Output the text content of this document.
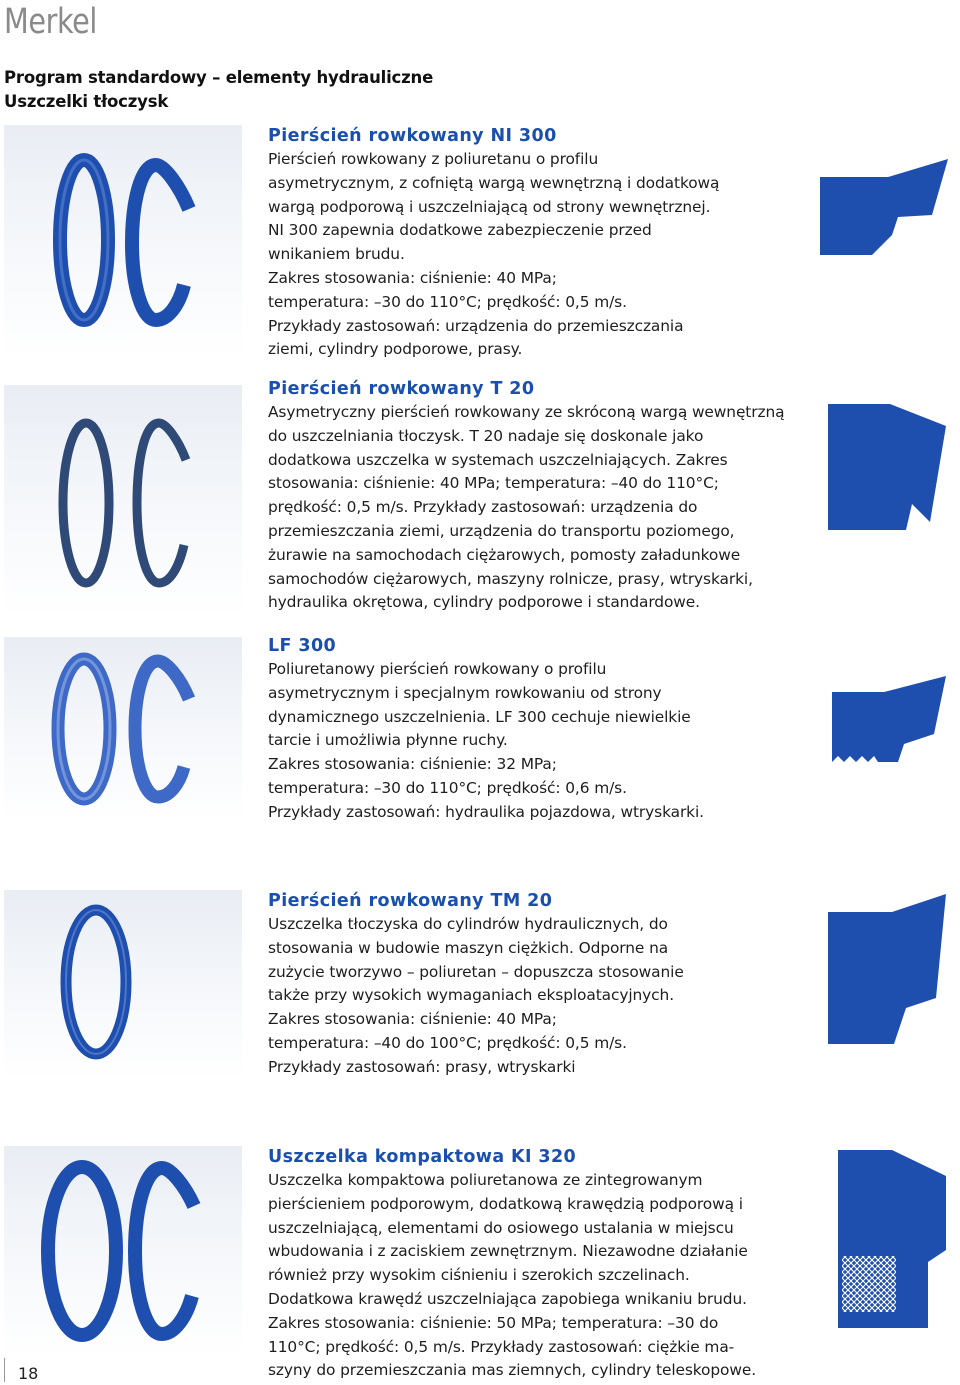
Merkel
Program standardowy – elementy hydrauliczne
Uszczelki tłoczysk
Pierścień rowkowany NI 300

Pierścień rowkowany z poliuretanu o profilu

asymetrycznym, z cofniętą wargą wewnętrzną i dodatkową

wargą podporową i uszczelniającą od strony wewnętrznej.

NI 300 zapewnia dodatkowe zabezpieczenie przed

wnikaniem brudu.

Zakres stosowania: ciśnienie: 40 MPa;

temperatura: –30 do 110°C; prędkość: 0,5 m/s.

Przykłady zastosowań: urządzenia do przemieszczania

ziemi, cylindry podporowe, prasy.

Pierścień rowkowany T 20

Asymetryczny pierścień rowkowany ze skróconą wargą wewnętrzną

do uszczelniania tłoczysk. T 20 nadaje się doskonale jako

dodatkowa uszczelka w systemach uszczelniających. Zakres

stosowania: ciśnienie: 40 MPa; temperatura: –40 do 110°C;

prędkość: 0,5 m/s. Przykłady zastosowań: urządzenia do

przemieszczania ziemi, urządzenia do transportu poziomego,

żurawie na samochodach ciężarowych, pomosty załadunkowe

samochodów ciężarowych, maszyny rolnicze, prasy, wtryskarki,

hydraulika okrętowa, cylindry podporowe i standardowe.

LF 300

Poliuretanowy pierścień rowkowany o profilu

asymetrycznym i specjalnym rowkowaniu od strony

dynamicznego uszczelnienia. LF 300 cechuje niewielkie

tarcie i umożliwia płynne ruchy.

Zakres stosowania: ciśnienie: 32 MPa;

temperatura: –30 do 110°C; prędkość: 0,6 m/s.

Przykłady zastosowań: hydraulika pojazdowa, wtryskarki.

Pierścień rowkowany TM 20

Uszczelka tłoczyska do cylindrów hydraulicznych, do

stosowania w budowie maszyn ciężkich. Odporne na

zużycie tworzywo – poliuretan – dopuszcza stosowanie

także przy wysokich wymaganiach eksploatacyjnych.

Zakres stosowania: ciśnienie: 40 MPa;

temperatura: –40 do 100°C; prędkość: 0,5 m/s.

Przykłady zastosowań: prasy, wtryskarki

Uszczelka kompaktowa KI 320

Uszczelka kompaktowa poliuretanowa ze zintegrowanym

pierścieniem podporowym, dodatkową krawędzią podporową i

uszczelniającą, elementami do osiowego ustalania w miejscu

wbudowania i z zaciskiem zewnętrznym. Niezawodne działanie

również przy wysokim ciśnieniu i szerokich szczelinach.

Dodatkowa krawędź uszczelniająca zapobiega wnikaniu brudu.

Zakres stosowania: ciśnienie: 50 MPa; temperatura: –30 do

110°C; prędkość: 0,5 m/s. Przykłady zastosowań: ciężkie ma-

szyny do przemieszczania mas ziemnych, cylindry teleskopowe.

18
